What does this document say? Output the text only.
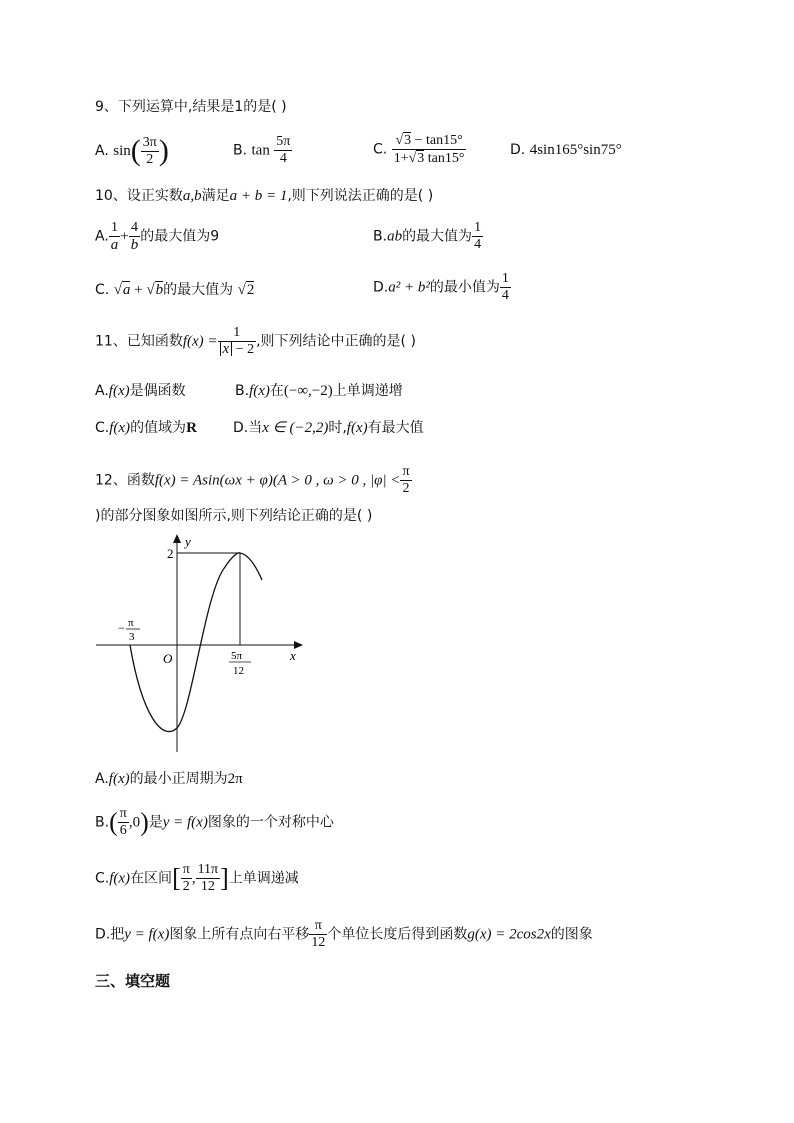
9、下列运算中,结果是1的是( )
A. $\sin( \frac{3\pi}{2}$ )	B. $\tan \frac{5\pi}{4}$	C. $\frac{√3 - \tan 15^\circ}{1+√3 \tan 15^\circ}$	D. 4sin165°sin75°
10、设正实数a,b满足a + b = 1,则下列说法正确的是( )
A. $\frac{1}{a} + \frac{4}{b}$ 的最大值为9	B.ab的最大值为 $\frac{1}{4}$
C. √a + √b的最大值为 √2	D.a² + b²的最小值为 $\frac{1}{4}$
11、已知函数$f(x) = \frac{1}{x - 2}$ ,则下列结论中正确的是( )
A.f(x)是偶函数	B.f(x)在(−∞,−2)上单调递增
C.f(x)的值域为R	D.当x ∈ (−2,2)时,f(x)有最大值
12、函数f(x) = Asin(ωx + φ)(A > 0 , ω > 0 , $|\varphi| < \frac{\pi}{2}$
)的部分图象如图所示,则下列结论正确的是( )
y
2
O	x
− π
3
5π
12
A.f(x)的最小正周期为2π
$B.( \frac{\pi}{6} ,0)$是y = f(x)图象的一个对称中心
C.f(x)在区间[ $\frac{\pi}{2}$ , $\frac{11\pi}{12}$ ]上单调递减
D.把y = f(x)图象上所有点向右平移 $\frac{\pi}{12}$ 个单位长度后得到函数g(x) = 2cos2x的图象
三、填空题
